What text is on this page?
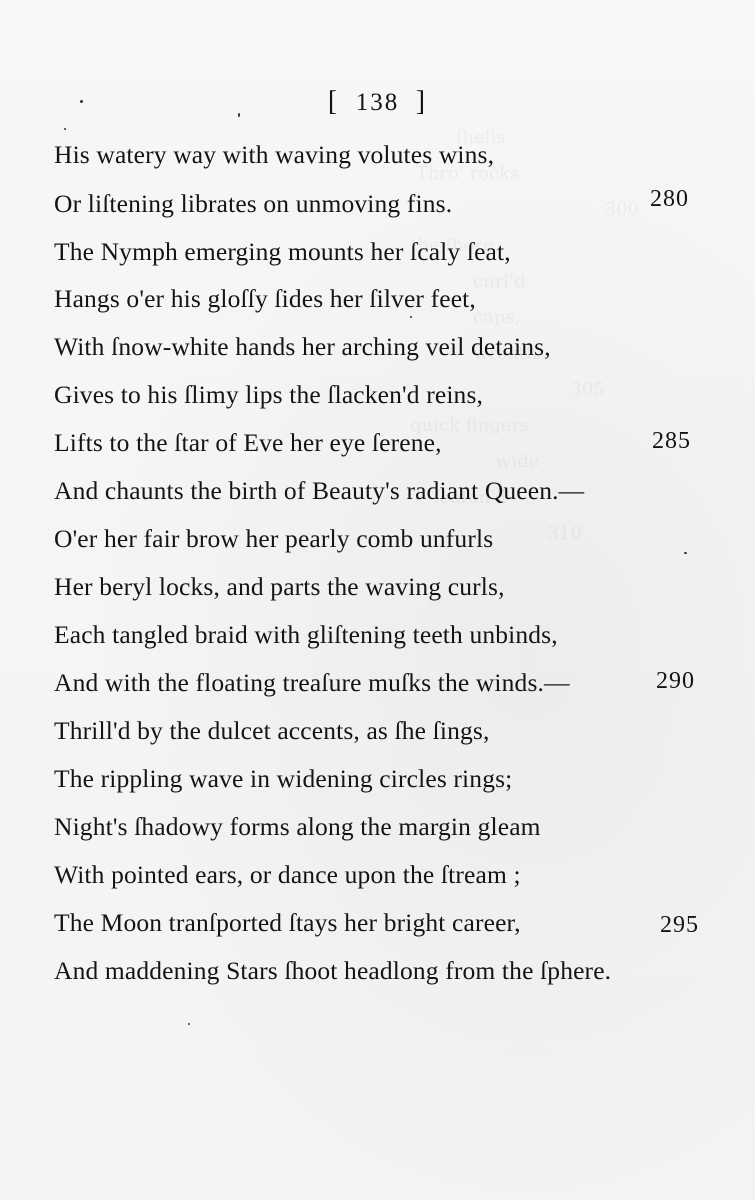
[ 138 ]
His watery way with waving volutes wins,
Or liſtening librates on unmoving fins.	280
The Nymph emerging mounts her ſcaly ſeat,
Hangs o'er his gloſſy ſides her ſilver feet,
With ſnow-white hands her arching veil detains,
Gives to his ſlimy lips the ſlacken'd reins,
Lifts to the ſtar of Eve her eye ſerene,	285
And chaunts the birth of Beauty's radiant Queen.—
O'er her fair brow her pearly comb unfurls
Her beryl locks, and parts the waving curls,
Each tangled braid with gliſtening teeth unbinds,
And with the floating treaſure muſks the winds.—	290
Thrill'd by the dulcet accents, as ſhe ſings,
The rippling wave in widening circles rings;
Night's ſhadowy forms along the margin gleam
With pointed ears, or dance upon the ſtream ;
The Moon tranſported ſtays her bright career,	295
And maddening Stars ſhoot headlong from the ſphere.
